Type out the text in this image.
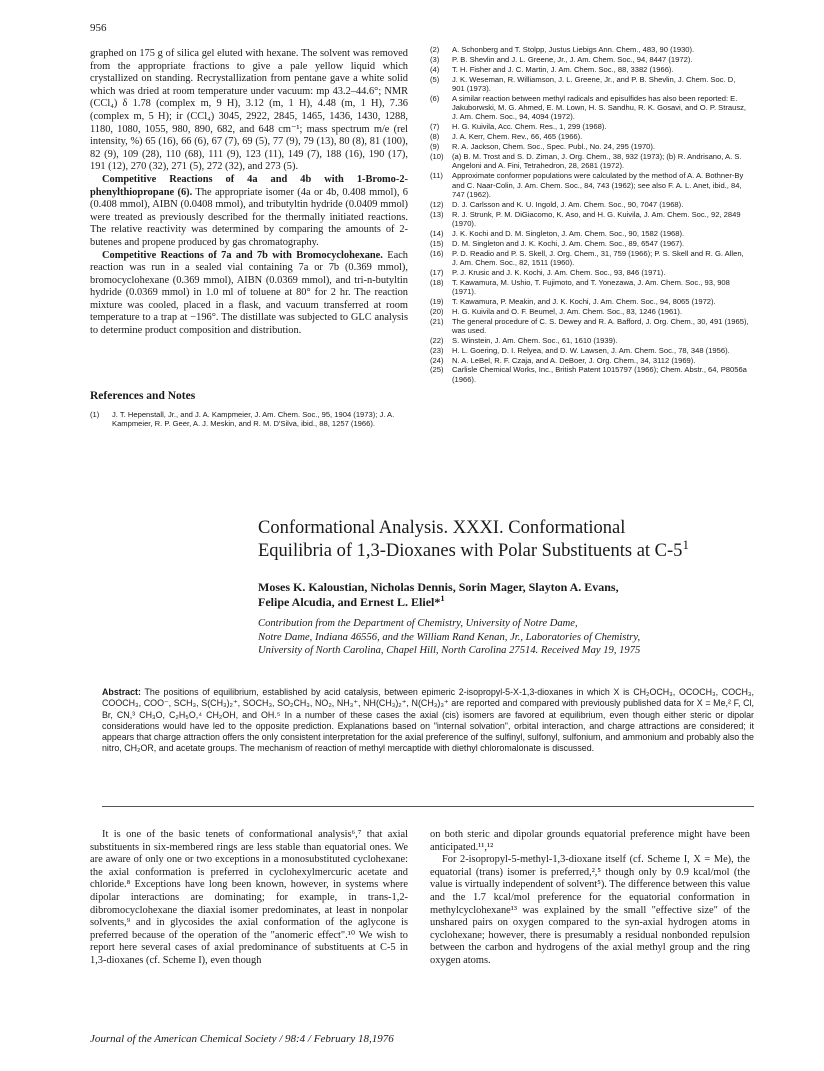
956

graphed on 175 g of silica gel eluted with hexane. The solvent was removed from the appropriate fractions to give a pale yellow liquid which crystallized on standing. Recrystallization from pentane gave a white solid which was dried at room temperature under vacuum: mp 43.2–44.6°; NMR (CCl₄) δ 1.78 (complex m, 9 H), 3.12 (m, 1 H), 4.48 (m, 1 H), 7.36 (complex m, 5 H); ir (CCl₄) 3045, 2922, 2845, 1465, 1436, 1430, 1288, 1180, 1080, 1055, 980, 890, 682, and 648 cm⁻¹; mass spectrum m/e (rel intensity, %) 65 (16), 66 (6), 67 (7), 69 (5), 77 (9), 79 (13), 80 (8), 81 (100), 82 (9), 109 (28), 110 (68), 111 (9), 123 (11), 149 (7), 188 (16), 190 (17), 191 (12), 270 (32), 271 (5), 272 (32), and 273 (5).

Competitive Reactions of 4a and 4b with 1-Bromo-2-phenylthiopropane (6). The appropriate isomer (4a or 4b, 0.408 mmol), 6 (0.408 mmol), AIBN (0.0408 mmol), and tributyltin hydride (0.0409 mmol) were treated as previously described for the thermally initiated reactions. The relative reactivity was determined by comparing the amounts of 2-butenes and propene produced by gas chromatography.

Competitive Reactions of 7a and 7b with Bromocyclohexane. Each reaction was run in a sealed vial containing 7a or 7b (0.369 mmol), bromocyclohexane (0.369 mmol), AIBN (0.0369 mmol), and tri-n-butyltin hydride (0.0369 mmol) in 1.0 ml of toluene at 80° for 2 hr. The reaction mixture was cooled, placed in a flask, and vacuum transferred at room temperature to a trap at −196°. The distillate was subjected to GLC analysis to determine product composition and distribution.

References and Notes
(1) J. T. Hepenstall, Jr., and J. A. Kampmeier, J. Am. Chem. Soc., 95, 1904 (1973); J. A. Kampmeier, R. P. Geer, A. J. Meskin, and R. M. D'Silva, ibid., 88, 1257 (1966).
(2) A. Schonberg and T. Stolpp, Justus Liebigs Ann. Chem., 483, 90 (1930).
(3) P. B. Shevlin and J. L. Greene, Jr., J. Am. Chem. Soc., 94, 8447 (1972).
(4) T. H. Fisher and J. C. Martin, J. Am. Chem. Soc., 88, 3382 (1966).
(5) J. K. Weseman, R. Williamson, J. L. Greene, Jr., and P. B. Shevlin, J. Chem. Soc. D, 901 (1973).
(6) A similar reaction between methyl radicals and episulfides has also been reported: E. Jakuborwski, M. G. Ahmed, E. M. Lown, H. S. Sandhu, R. K. Gosavi, and O. P. Strausz, J. Am. Chem. Soc., 94, 4094 (1972).
(7) H. G. Kuivila, Acc. Chem. Res., 1, 299 (1968).
(8) J. A. Kerr, Chem. Rev., 66, 465 (1966).
(9) R. A. Jackson, Chem. Soc., Spec. Publ., No. 24, 295 (1970).
(10) (a) B. M. Trost and S. D. Ziman, J. Org. Chem., 38, 932 (1973); (b) R. Andrisano, A. S. Angeloni and A. Fini, Tetrahedron, 28, 2681 (1972).
(11) Approximate conformer populations were calculated by the method of A. A. Bothner-By and C. Naar-Colin, J. Am. Chem. Soc., 84, 743 (1962); see also F. A. L. Anet, ibid., 84, 747 (1962).
(12) D. J. Carlsson and K. U. Ingold, J. Am. Chem. Soc., 90, 7047 (1968).
(13) R. J. Strunk, P. M. DiGiacomo, K. Aso, and H. G. Kuivila, J. Am. Chem. Soc., 92, 2849 (1970).
(14) J. K. Kochi and D. M. Singleton, J. Am. Chem. Soc., 90, 1582 (1968).
(15) D. M. Singleton and J. K. Kochi, J. Am. Chem. Soc., 89, 6547 (1967).
(16) P. D. Readio and P. S. Skell, J. Org. Chem., 31, 759 (1966); P. S. Skell and R. G. Allen, J. Am. Chem. Soc., 82, 1511 (1960).
(17) P. J. Krusic and J. K. Kochi, J. Am. Chem. Soc., 93, 846 (1971).
(18) T. Kawamura, M. Ushio, T. Fujimoto, and T. Yonezawa, J. Am. Chem. Soc., 93, 908 (1971).
(19) T. Kawamura, P. Meakin, and J. K. Kochi, J. Am. Chem. Soc., 94, 8065 (1972).
(20) H. G. Kuivila and O. F. Beumel, J. Am. Chem. Soc., 83, 1246 (1961).
(21) The general procedure of C. S. Dewey and R. A. Bafford, J. Org. Chem., 30, 491 (1965), was used.
(22) S. Winstein, J. Am. Chem. Soc., 61, 1610 (1939).
(23) H. L. Goering, D. I. Relyea, and D. W. Lawsen, J. Am. Chem. Soc., 78, 348 (1956).
(24) N. A. LeBel, R. F. Czaja, and A. DeBoer, J. Org. Chem., 34, 3112 (1969).
(25) Carlisle Chemical Works, Inc., British Patent 1015797 (1966); Chem. Abstr., 64, P8056a (1966).
Conformational Analysis. XXXI. Conformational
Equilibria of 1,3-Dioxanes with Polar Substituents at $C-5^1$
Moses K. Kaloustian, Nicholas Dennis, Sorin Mager, Slayton A. Evans,
Felipe Alcudia, and Ernest L. Eliel*$^1$
Contribution from the Department of Chemistry, University of Notre Dame,
Notre Dame, Indiana 46556, and the William Rand Kenan, Jr., Laboratories of Chemistry,
University of North Carolina, Chapel Hill, North Carolina 27514. Received May 19, 1975

Abstract: The positions of equilibrium, established by acid catalysis, between epimeric 2-isopropyl-5-X-1,3-dioxanes in which X is CH₂OCH₃, OCOCH₃, COCH₃, COOCH₃, COO⁻, SCH₃, S(CH₃)₂⁺, SOCH₃, SO₂CH₃, NO₂, NH₃⁺, NH(CH₃)₂⁺, N(CH₃)₃⁺ are reported and compared with previously published data for X = Me,² F, Cl, Br, CN,³ CH₃O, C₂H₅O,⁴ CH₂OH, and OH.⁵ In a number of these cases the axial (cis) isomers are favored at equilibrium, even though either steric or dipolar considerations would have led to the opposite prediction. Explanations based on "internal solvation", orbital interaction, and charge attractions are considered; it appears that charge attraction offers the only consistent interpretation for the axial preference of the sulfinyl, sulfonyl, sulfonium, and ammonium and probably also the nitro, CH₂OR, and acetate groups. The mechanism of reaction of methyl mercaptide with diethyl chloromalonate is discussed.

It is one of the basic tenets of conformational analysis⁶,⁷ that axial substituents in six-membered rings are less stable than equatorial ones. We are aware of only one or two exceptions in a monosubstituted cyclohexane: the axial conformation is preferred in cyclohexylmercuric acetate and chloride.⁸ Exceptions have long been known, however, in systems where dipolar interactions are dominating; for example, in trans-1,2-dibromocyclohexane the diaxial isomer predominates, at least in nonpolar solvents,⁹ and in glycosides the axial conformation of the aglycone is preferred because of the operation of the "anomeric effect".¹⁰ We wish to report here several cases of axial predominance of substituents at C-5 in 1,3-dioxanes (cf. Scheme I), even though

on both steric and dipolar grounds equatorial preference might have been anticipated.¹¹,¹²

For 2-isopropyl-5-methyl-1,3-dioxane itself (cf. Scheme I, X = Me), the equatorial (trans) isomer is preferred,²,⁵ though only by 0.9 kcal/mol (the value is virtually independent of solvent⁵). The difference between this value and the 1.7 kcal/mol preference for the equatorial conformation in methylcyclohexane¹³ was explained by the small "effective size" of the unshared pairs on oxygen compared to the syn-axial hydrogen atoms in cyclohexane; however, there is presumably a residual nonbonded repulsion between the carbon and hydrogens of the axial methyl group and the ring oxygen atoms.

Journal of the American Chemical Society / 98:4 / February 18,1976
